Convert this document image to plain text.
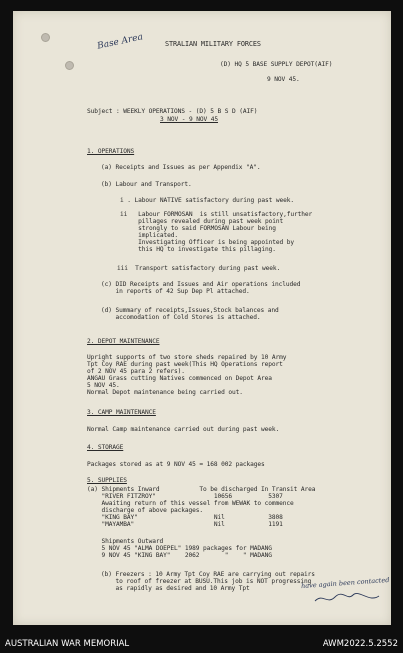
Base Area	STRALIAN MILITARY FORCES
(D) HQ 5 BASE SUPPLY DEPOT(AIF)
9 NOV 45.
Subject : WEEKLY OPERATIONS - (D) 5 B S D (AIF)
3 NOV - 9 NOV 45
1. OPERATIONS
(a) Receipts and Issues as per Appendix "A".
(b) Labour and Transport.
i . Labour NATIVE satisfactory during past week.
ii   Labour FORMOSAN  is still unsatisfactory,further
pillages revealed during past week point
strongly to said FORMOSAN Labour being
implicated.
Investigating Officer is being appointed by
this HQ to investigate this pillaging.
iii  Transport satisfactory during past week.
(c) DID Receipts and Issues and Air operations included
in reports of 42 Sup Dep Pl attached.
(d) Summary of receipts,Issues,Stock balances and
accomodation of Cold Stores is attached.
2. DEPOT MAINTENANCE
Upright supports of two store sheds repaired by 10 Army
Tpt Coy RAE during past week(This HQ Operations report
of 2 NOV 45 para 2 refers).
ANGAU Grass cutting Natives commenced on Depot Area
5 NOV 45.
Normal Depot maintenance being carried out.
3. CAMP MAINTENANCE
Normal Camp maintenance carried out during past week.
4. STORAGE
Packages stored as at 9 NOV 45 = 168 002 packages
5. SUPPLIES
(a) Shipments Inward           To be discharged In Transit Area
"RIVER FITZROY"                10656          5307
Awaiting return of this vessel from WEWAK to commence
discharge of above packages.
"KING BAY"                     Nil            3808
"MAYAMBA"                      Nil            1191
Shipments Outward
5 NOV 45 "ALMA DOEPEL" 1989 packages for MADANG
9 NOV 45 "KING BAY"    2062       "    " MADANG
(b) Freezers : 10 Army Tpt Coy RAE are carrying out repairs
to roof of freezer at BUSU.This job is NOT progressing
as rapidly as desired and 10 Army Tpt	have again been contacted
AUSTRALIAN WAR MEMORIAL	AWM2022.5.2552
